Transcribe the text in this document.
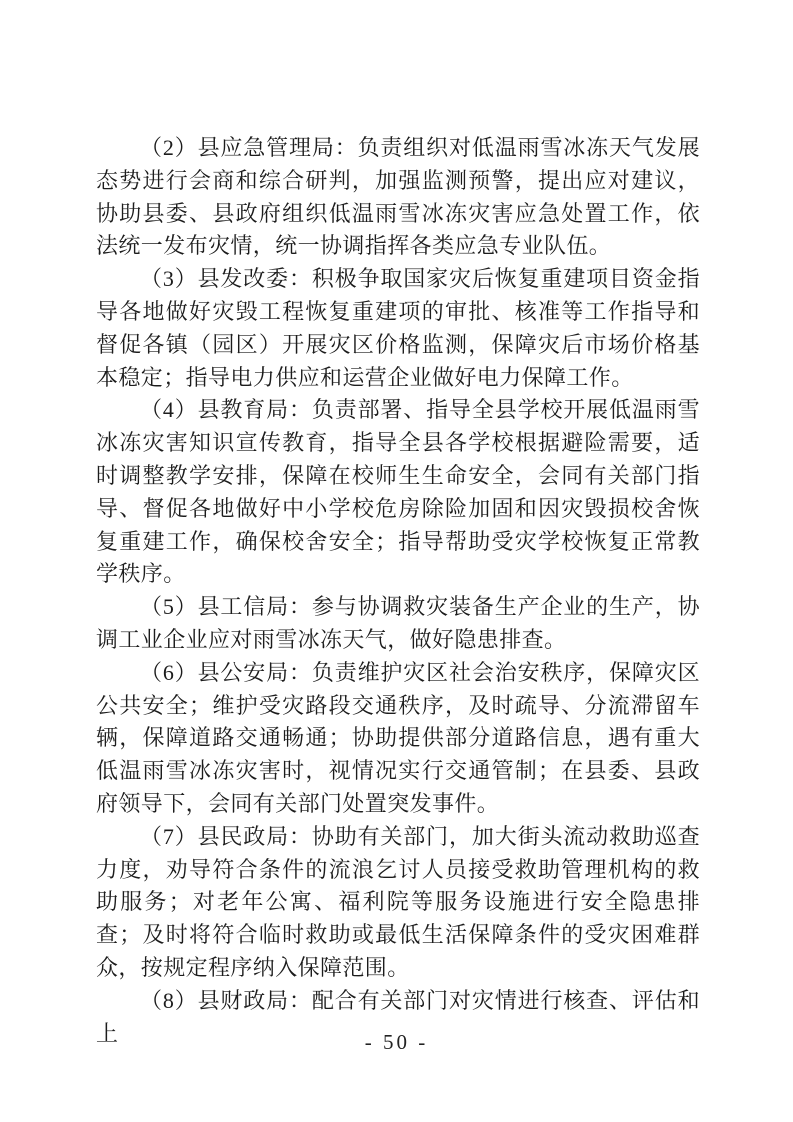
（2）县应急管理局：负责组织对低温雨雪冰冻天气发展态势进行会商和综合研判，加强监测预警，提出应对建议，协助县委、县政府组织低温雨雪冰冻灾害应急处置工作，依法统一发布灾情，统一协调指挥各类应急专业队伍。

（3）县发改委：积极争取国家灾后恢复重建项目资金指导各地做好灾毁工程恢复重建项的审批、核准等工作指导和督促各镇（园区）开展灾区价格监测，保障灾后市场价格基本稳定；指导电力供应和运营企业做好电力保障工作。

（4）县教育局：负责部署、指导全县学校开展低温雨雪冰冻灾害知识宣传教育，指导全县各学校根据避险需要，适时调整教学安排，保障在校师生生命安全，会同有关部门指导、督促各地做好中小学校危房除险加固和因灾毁损校舍恢复重建工作，确保校舍安全；指导帮助受灾学校恢复正常教学秩序。

（5）县工信局：参与协调救灾装备生产企业的生产，协调工业企业应对雨雪冰冻天气，做好隐患排查。

（6）县公安局：负责维护灾区社会治安秩序，保障灾区公共安全；维护受灾路段交通秩序，及时疏导、分流滞留车辆，保障道路交通畅通；协助提供部分道路信息，遇有重大低温雨雪冰冻灾害时，视情况实行交通管制；在县委、县政府领导下，会同有关部门处置突发事件。

（7）县民政局：协助有关部门，加大街头流动救助巡查力度，劝导符合条件的流浪乞讨人员接受救助管理机构的救助服务；对老年公寓、福利院等服务设施进行安全隐患排查；及时将符合临时救助或最低生活保障条件的受灾困难群众，按规定程序纳入保障范围。

（8）县财政局：配合有关部门对灾情进行核查、评估和上	- 50 -
